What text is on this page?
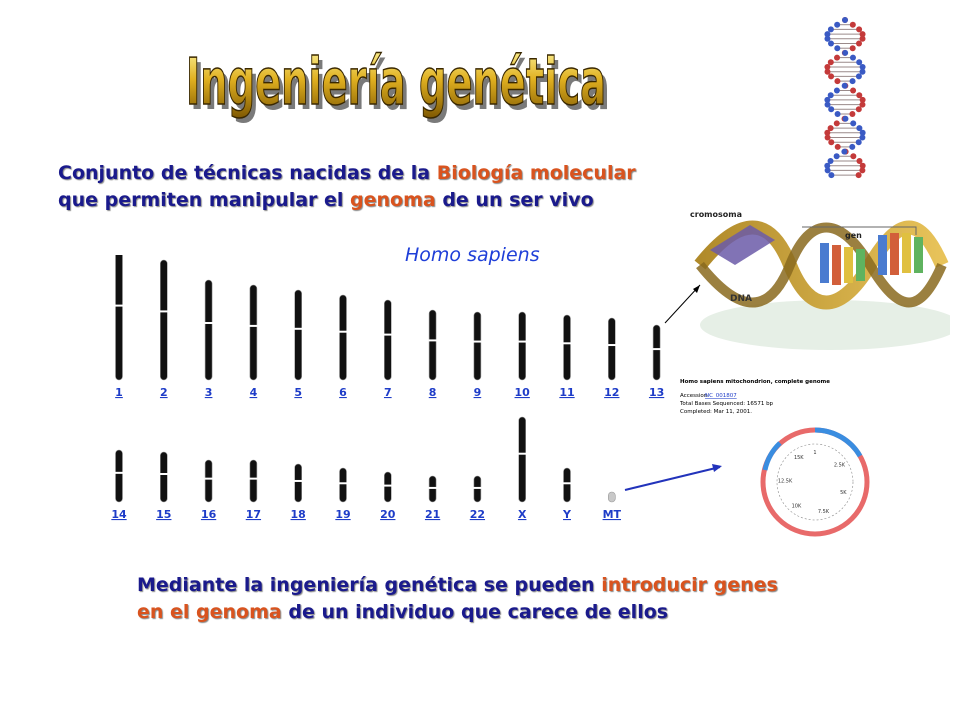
Ingeniería genética
Ingeniería genética
Conjunto de técnicas nacidas de la Biología molecular
que permiten manipular el genoma de un ser vivo
Homo sapiens
1	2	3	4	5	6	7	8	9	10	11	12	13
14	15	16	17	18	19	20	21	22	X	Y	MT
cromosoma
gen
DNA
Homo sapiens mitochondrion, complete genome
Accession:
NC_001807
Total Bases Sequenced: 16571 bp
Completed: Mar 11, 2001.
1
2.5K
5K
7.5K
10K
12.5K
15K
Mediante la ingeniería genética se pueden introducir genes
en el genoma de un individuo que carece de ellos
